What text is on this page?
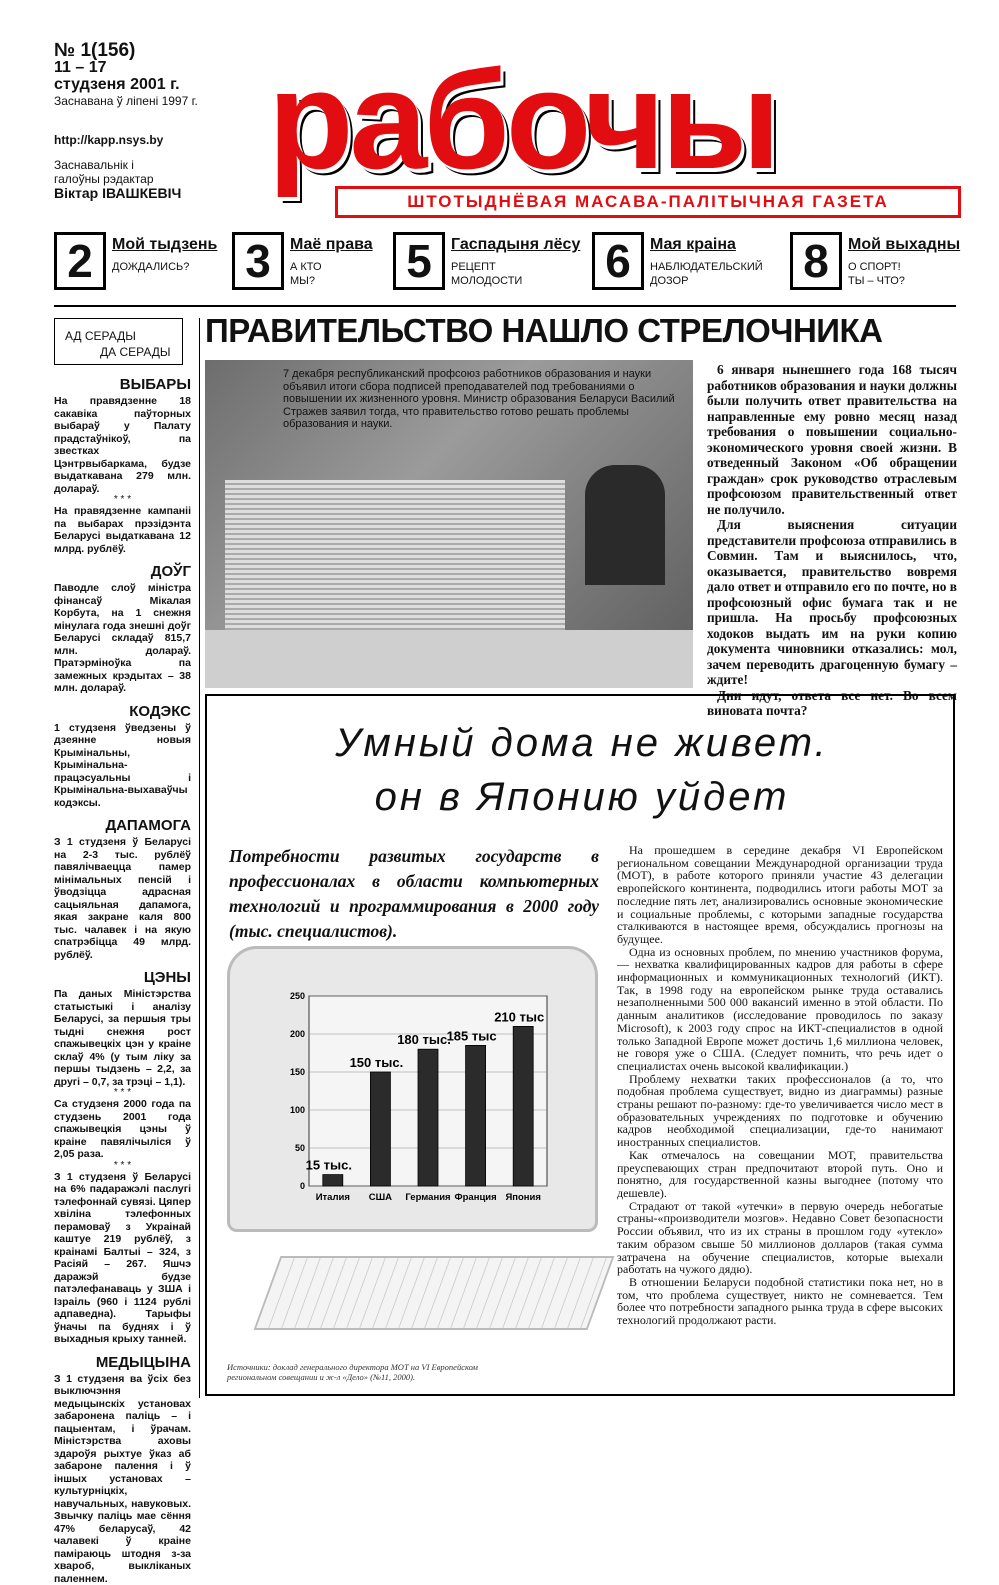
№ 1(156)
11 – 17
студзеня 2001 г.
Заснавана ў ліпені 1997 г.
http://kapp.nsys.by
Заснавальнік і
галоўны рэдактар
Віктар ІВАШКЕВІЧ рабочы
ШТОТЫДНЁВАЯ МАСАВА-ПАЛІТЫЧНАЯ ГАЗЕТА
2	Мой тыдзень
ДОЖДАЛИСЬ? 3	Маё права
А КТО
МЫ? 5	Гаспадыня лёсу
РЕЦЕПТ
МОЛОДОСТИ 6	Мая краіна
НАБЛЮДАТЕЛЬСКИЙ
ДОЗОР	8	Мой выхадны
О СПОРТ!
ТЫ – ЧТО?
АД СЕРАДЫ
ДА СЕРАДЫ
ВЫБАРЫ
На правядзенне 18 сакавіка паўторных выбараў у Палату прадстаўнікоў, па звестках Цэнтрвыбаркама, будзе выдаткавана 279 млн. долараў.
* * *
На правядзенне кампаніі па выбарах прэзідэнта Беларусі выдаткавана 12 млрд. рублёў.
ДОЎГ
Паводле слоў міністра фінансаў Мікалая Корбута, на 1 снежня мінулага года знешні доўг Беларусі складаў 815,7 млн. долараў. Пратэрміноўка па замежных крэдытах – 38 млн. долараў.
КОДЭКС
1 студзеня ўведзены ў дзеянне новыя Крымінальны, Крымінальна-працэсуальны і Крымінальна-выхаваўчы кодэксы.
ДАПАМОГА
З 1 студзеня ў Беларусі на 2-3 тыс. рублёў павялічваецца памер мінімальных пенсій і ўводзіцца адрасная сацыяльная дапамога, якая закране каля 800 тыс. чалавек і на якую спатрэбіцца 49 млрд. рублёў.
ЦЭНЫ
Па даных Міністэрства статыстыкі і аналізу Беларусі, за першыя тры тыдні снежня рост спажывецкіх цэн у краіне склаў 4% (у тым ліку за першы тыдзень – 2,2, за другі – 0,7, за трэці – 1,1).
* * *
Са студзеня 2000 года па студзень 2001 года спажывецкія цэны ў краіне павялічыліся ў 2,05 раза.
* * *
З 1 студзеня ў Беларусі на 6% падаражэлі паслугі тэлефоннай сувязі. Цяпер хвіліна тэлефонных перамоваў з Украінай каштуе 219 рублёў, з краінамі Балтыі – 324, з Расіяй – 267. Яшчэ даражэй будзе патэлефанаваць у ЗША і Ізраіль (960 і 1124 рублі адпаведна). Тарыфы ўначы па буднях і ў выхадныя крыху танней.
МЕДЫЦЫНА
З 1 студзеня ва ўсіх без выключэння медыцынскіх установах забаронена паліць – і пацыентам, і ўрачам. Міністэрства аховы здароўя рыхтуе ўказ аб забароне палення і ў іншых установах – культурніцкіх, навучальных, навуковых. Звычку паліць мае сёння 47% беларусаў, 42 чалавекі ў краіне паміраюць штодня з-за хвароб, выкліканых паленнем.
ПРАВИТЕЛЬСТВО НАШЛО СТРЕЛОЧНИКА
7 декабря республиканский профсоюз работников образования и науки объявил итоги сбора подписей преподавателей под требованиями о повышении их жизненного уровня. Министр образования Беларуси Василий Стражев заявил тогда, что правительство готово решать проблемы образования и науки.

6 января нынешнего года 168 тысяч работников образования и науки должны были получить ответ правительства на направленные ему ровно месяц назад требования о повышении социально-экономического уровня своей жизни. В отведенный Законом «Об обращении граждан» срок руководство отраслевым профсоюзом правительственный ответ не получило.

Для выяснения ситуации представители профсоюза отправились в Совмин. Там и выяснилось, что, оказывается, правительство вовремя дало ответ и отправило его по почте, но в профсоюзный офис бумага так и не пришла. На просьбу профсоюзных ходоков выдать им на руки копию документа чиновники отказались: мол, зачем переводить драгоценную бумагу – ждите!

Дни идут, ответа все нет. Во всем виновата почта?

Умный дома не живет.
он в Японию уйдет
Потребности развитых государств в профессионалах в области компьютерных технологий и программирования в 2000 году (тыс. специалистов).
0
50
100
150
200
250
Италия США Германия Франция Япония
15 тыс.
150 тыс.
180 тыс.
185 тыс
210 тыс

На прошедшем в середине декабря VI Европейском региональном совещании Международной организации труда (МОТ), в работе которого приняли участие 43 делегации европейского континента, подводились итоги работы МОТ за последние пять лет, анализировались основные экономические и социальные проблемы, с которыми западные государства сталкиваются в настоящее время, обсуждались прогнозы на будущее.

Одна из основных проблем, по мнению участников форума, — нехватка квалифицированных кадров для работы в сфере информационных и коммуникационных технологий (ИКТ). Так, в 1998 году на европейском рынке труда оставались незаполненными 500 000 вакансий именно в этой области. По данным аналитиков (исследование проводилось по заказу Microsoft), к 2003 году спрос на ИКТ-специалистов в одной только Западной Европе может достичь 1,6 миллиона человек, не говоря уже о США. (Следует помнить, что речь идет о специалистах очень высокой квалификации.)

Проблему нехватки таких профессионалов (а то, что подобная проблема существует, видно из диаграммы) разные страны решают по-разному: где-то увеличивается число мест в образовательных учреждениях по подготовке и обучению кадров необходимой специализации, где-то нанимают иностранных специалистов.

Как отмечалось на совещании МОТ, правительства преуспевающих стран предпочитают второй путь. Оно и понятно, для государственной казны выгоднее (потому что дешевле).

Страдают от такой «утечки» в первую очередь небогатые страны-«производители мозгов». Недавно Совет безопасности России объявил, что из их страны в прошлом году «утекло» таким образом свыше 50 миллионов долларов (такая сумма затрачена на обучение специалистов, которые выехали работать на чужого дядю).

В отношении Беларуси подобной статистики пока нет, но в том, что проблема существует, никто не сомневается. Тем более что потребности западного рынка труда в сфере высоких технологий продолжают расти.

Источники: доклад генерального директора МОТ на VI Европейском региональном совещании и ж-л «Дело» (№11, 2000).
